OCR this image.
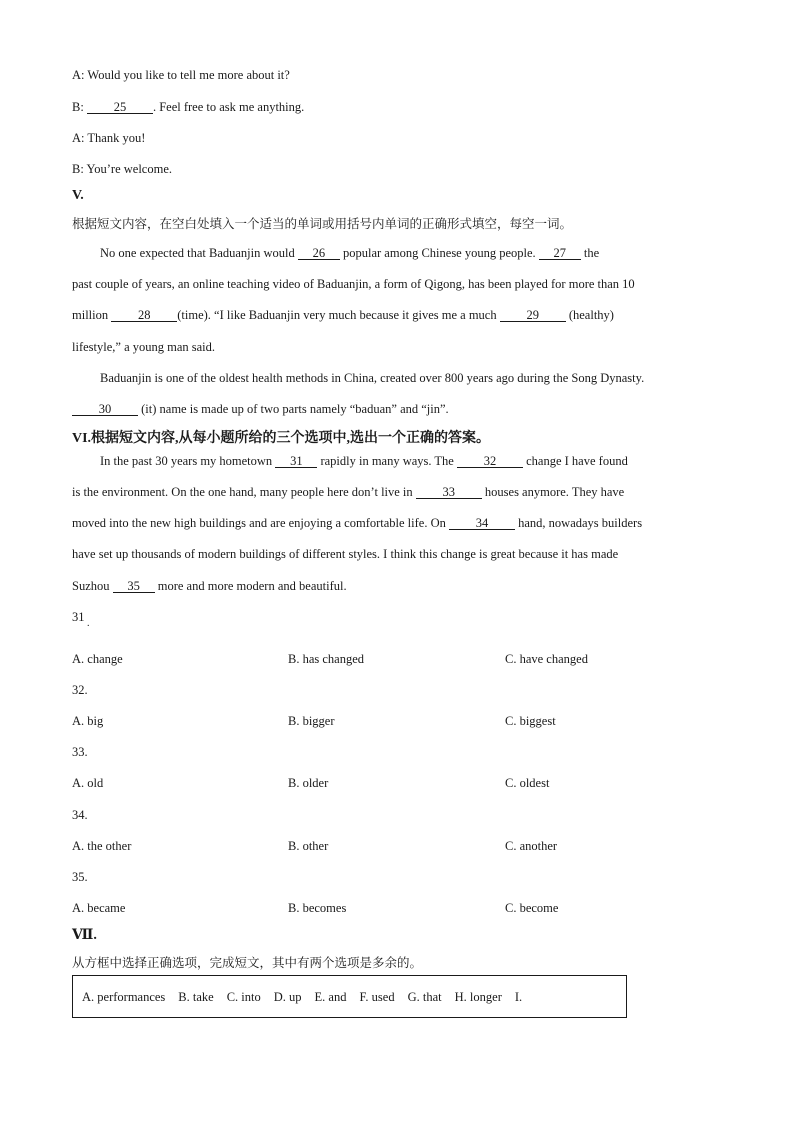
A: Would you like to tell me more about it?
B: 25 . Feel free to ask me anything.
A: Thank you!
B: You’re welcome.
V.
根据短文内容，在空白处填入一个适当的单词或用括号内单词的正确形式填空，每空一词。
No one expected that Baduanjin would 26 popular among Chinese young people. 27 the
past couple of years, an online teaching video of Baduanjin, a form of Qigong, has been played for more than 10
million 28 (time). “I like Baduanjin very much because it gives me a much 29 (healthy)
lifestyle,” a young man said.
Baduanjin is one of the oldest health methods in China, created over 800 years ago during the Song Dynasty.
30 (it) name is made up of two parts namely “baduan” and “jin”.
VI.根据短文内容,从每小题所给的三个选项中,选出一个正确的答案。
In the past 30 years my hometown 31 rapidly in many ways. The 32 change I have found
is the environment. On the one hand, many people here don’t live in 33 houses anymore. They have
moved into the new high buildings and are enjoying a comfortable life. On 34 hand, nowadays builders
have set up thousands of modern buildings of different styles. I think this change is great because it has made
Suzhou 35 more and more modern and beautiful.
31 .
A. change	B. has changed	C. have changed
32.
A. big	B. bigger	C. biggest
33.
A. old	B. older	C. oldest
34.
A. the other	B. other	C. another
35.
A. became	B. becomes	C. become
Ⅶ.
从方框中选择正确选项，完成短文，其中有两个选项是多余的。
A. performances B. take C. into D. up E. and F. used G. that H. longer I.
